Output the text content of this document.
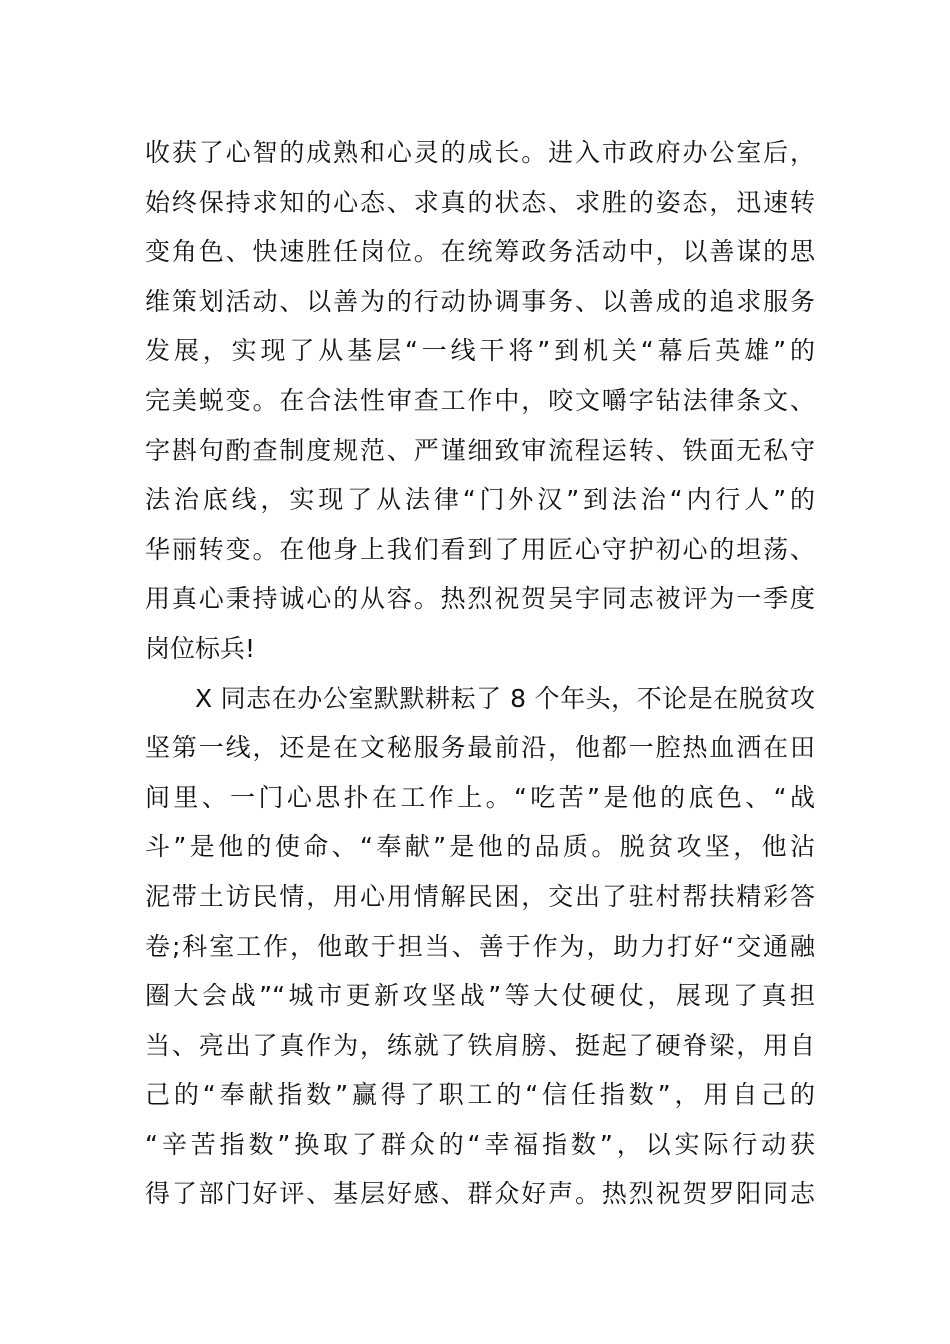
收获了心智的成熟和心灵的成长。进入市政府办公室后，
始终保持求知的心态、求真的状态、求胜的姿态，迅速转
变角色、快速胜任岗位。在统筹政务活动中，以善谋的思
维策划活动、以善为的行动协调事务、以善成的追求服务
发展，实现了从基层“一线干将”到机关“幕后英雄”的
完美蜕变。在合法性审查工作中，咬文嚼字钻法律条文、
字斟句酌查制度规范、严谨细致审流程运转、铁面无私守
法治底线，实现了从法律“门外汉”到法治“内行人”的
华丽转变。在他身上我们看到了用匠心守护初心的坦荡、
用真心秉持诚心的从容。热烈祝贺吴宇同志被评为一季度
岗位标兵!
X 同志在办公室默默耕耘了 8 个年头，不论是在脱贫攻
坚第一线，还是在文秘服务最前沿，他都一腔热血洒在田
间里、一门心思扑在工作上。“吃苦”是他的底色、“战
斗”是他的使命、“奉献”是他的品质。脱贫攻坚，他沾
泥带土访民情，用心用情解民困，交出了驻村帮扶精彩答
卷;科室工作，他敢于担当、善于作为，助力打好“交通融
圈大会战”“城市更新攻坚战”等大仗硬仗，展现了真担
当、亮出了真作为，练就了铁肩膀、挺起了硬脊梁，用自
己的“奉献指数”赢得了职工的“信任指数”，用自己的
“辛苦指数”换取了群众的“幸福指数”，以实际行动获
得了部门好评、基层好感、群众好声。热烈祝贺罗阳同志
